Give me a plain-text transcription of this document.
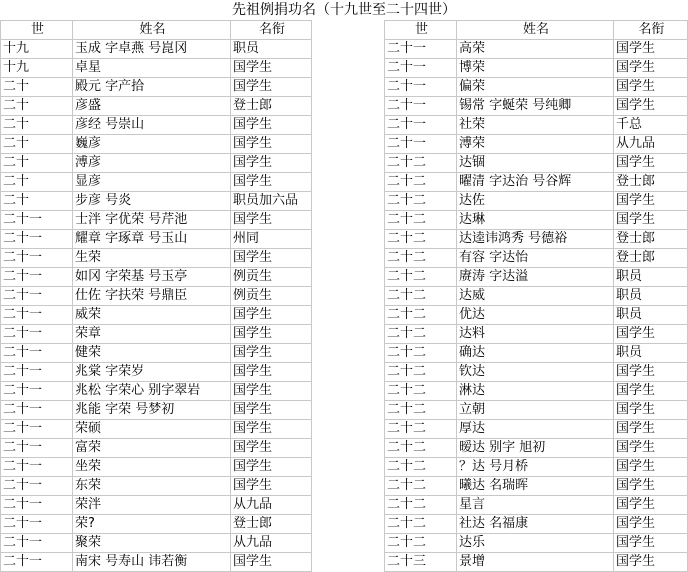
先祖例捐功名（十九世至二十四世）
世	姓名	名衔
十九	玉成 字卓燕 号崑冈	职员
十九	卓星	国学生
二十	殿元 字产拾	国学生
二十	彦盛	登士郎
二十	彦经 号崇山	国学生
二十	巍彦	国学生
二十	溥彦	国学生
二十	显彦	国学生
二十	步彦 号炎	职员加六品
二十一	士泮 字优荣 号芹池	国学生
二十一	耀章 字琢章 号玉山	州同
二十一	生荣	国学生
二十一	如冈 字荣基 号玉亭	例贡生
二十一	仕佐 字扶荣 号鼎臣	例贡生
二十一	威荣	国学生
二十一	荣章	国学生
二十一	健荣	国学生
二十一	兆棠 字荣岁	国学生
二十一	兆松 字荣心 别字翠岩	国学生
二十一	兆能 字荣 号梦初	国学生
二十一	荣硕	国学生
二十一	富荣	国学生
二十一	坐荣	国学生
二十一	东荣	国学生
二十一	荣泮	从九品
二十一	荣?	登士郎
二十一	聚荣	从九品
二十一	南宋 号寿山 讳若衡	国学生
世	姓名	名衔
二十一	高荣	国学生
二十一	博荣	国学生
二十一	偏荣	国学生
二十一	锡常 字蜒荣 号纯卿	国学生
二十一	社荣	千总
二十一	溥荣	从九品
二十二	达锢	国学生
二十二	曜清 字达治 号谷辉	登士郎
二十二	达佐	国学生
二十二	达琳	国学生
二十二	达逵讳鸿秀 号德裕	登士郎
二十二	有容 字达怡	登士郎
二十二	赓涛 字达溢	职员
二十二	达威	职员
二十二	优达	职员
二十二	达料	国学生
二十二	确达	职员
二十二	钦达	国学生
二十二	淋达	国学生
二十二	立朝	国学生
二十二	厚达	国学生
二十二	暧达 别字 旭初	国学生
二十二	？达 号月桥	国学生
二十二	曦达 名瑞晖	国学生
二十二	星言	国学生
二十二	社达 名福康	国学生
二十二	达乐	国学生
二十三	景增	国学生
